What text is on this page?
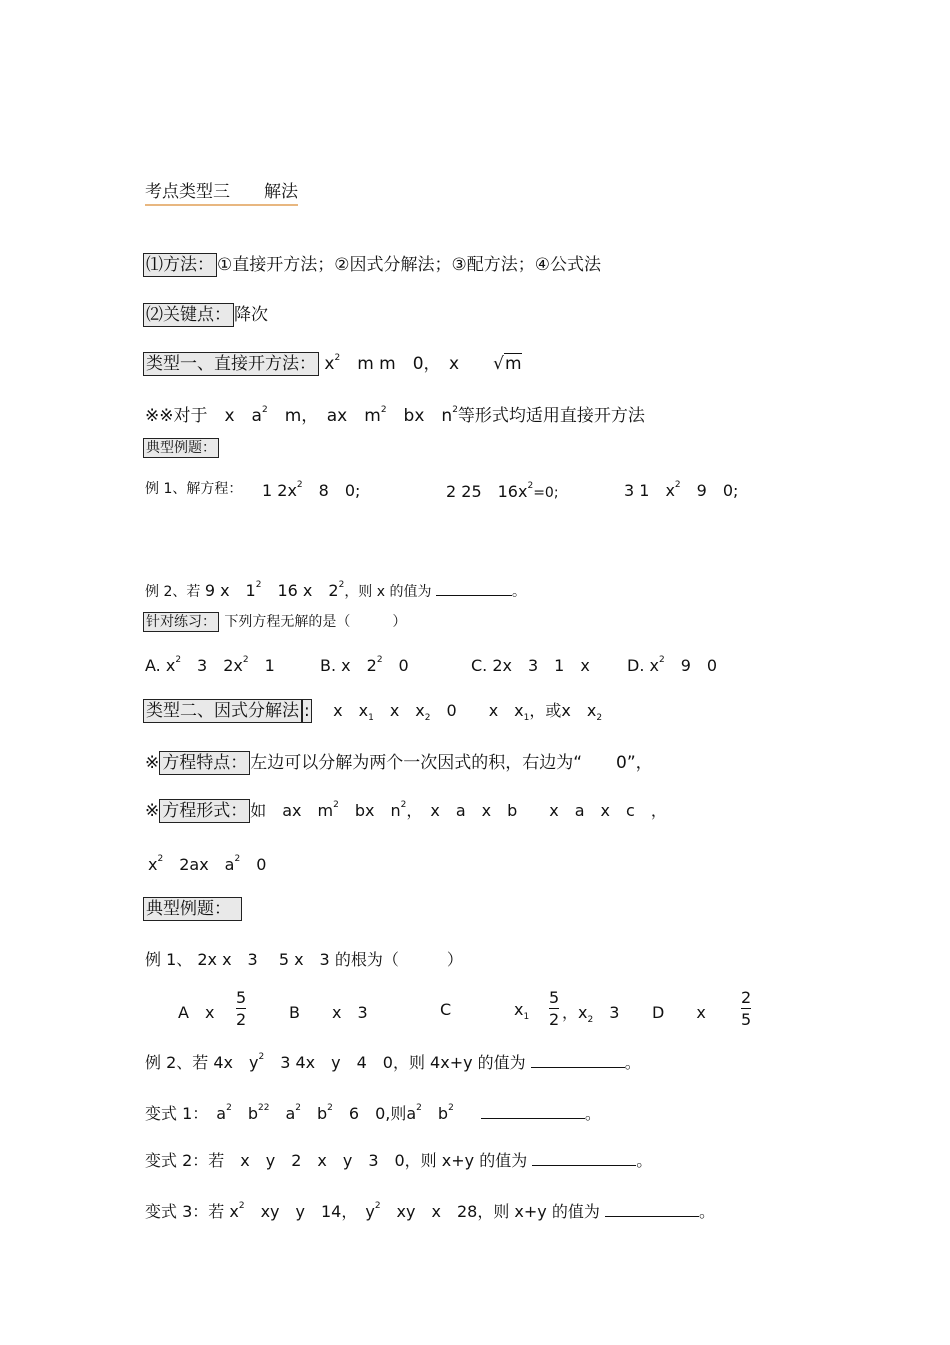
考点类型三　　解法
⑴方法： ①直接开方法；②因式分解法；③配方法；④公式法
⑵关键点： 降次
类型一、直接开方法： $x^2$　m m　0，　x　　√m
※※对于　x　$a^2$　m，　ax　$m^2$　bx　$n^2$等形式均适用直接开方法
典型例题：
例 1、解方程： 1 $2x^2$　8　0;	2 25　$16x^2=0$;	3 1　$x^2$　9　0;
例 2、若 9 x　$1^2$　16 x　$2^2$，则 x 的值为	。
针对练习： 下列方程无解的是（　　　）
A. $x^2$　3　$2x^2$　1	B. x　$2^2$　0	C. 2x　3　1　x D. $x^2$　9　0
类型二、因式分解法 : 　x　$x_1$　x　$x_2$　0　　x　$x_1$，或x　$x_2$
※ 方程特点： 左边可以分解为两个一次因式的积，右边为“　　0”，
※ 方程形式： 如　ax　$m^2$　bx　$n^2$，　x　a　x　b　　x　a　x　c　，
$x^2$　2ax　$a^2$　0
典型例题：
例 1、 2x x　3　 5 x　3 的根为（　　　）
A　x
5
2	B　　x　3	C	$x_1$
5
2 ，$x_2$　3 D　　x
2
5
例 2、若 4x　$y^2$　3 4x　y　4　0，则 4x+y 的值为	。
变式 1：　$a^2$　$b^{22}$　$a^2$　$b^2$　6　0,则$a^2$　$b^2$	。
变式 2：若　x　y　2　x　y　3　0，则 x+y 的值为	。
变式 3：若 $x^2$　xy　y　14，　$y^2$　xy　x　28，则 x+y 的值为	。
